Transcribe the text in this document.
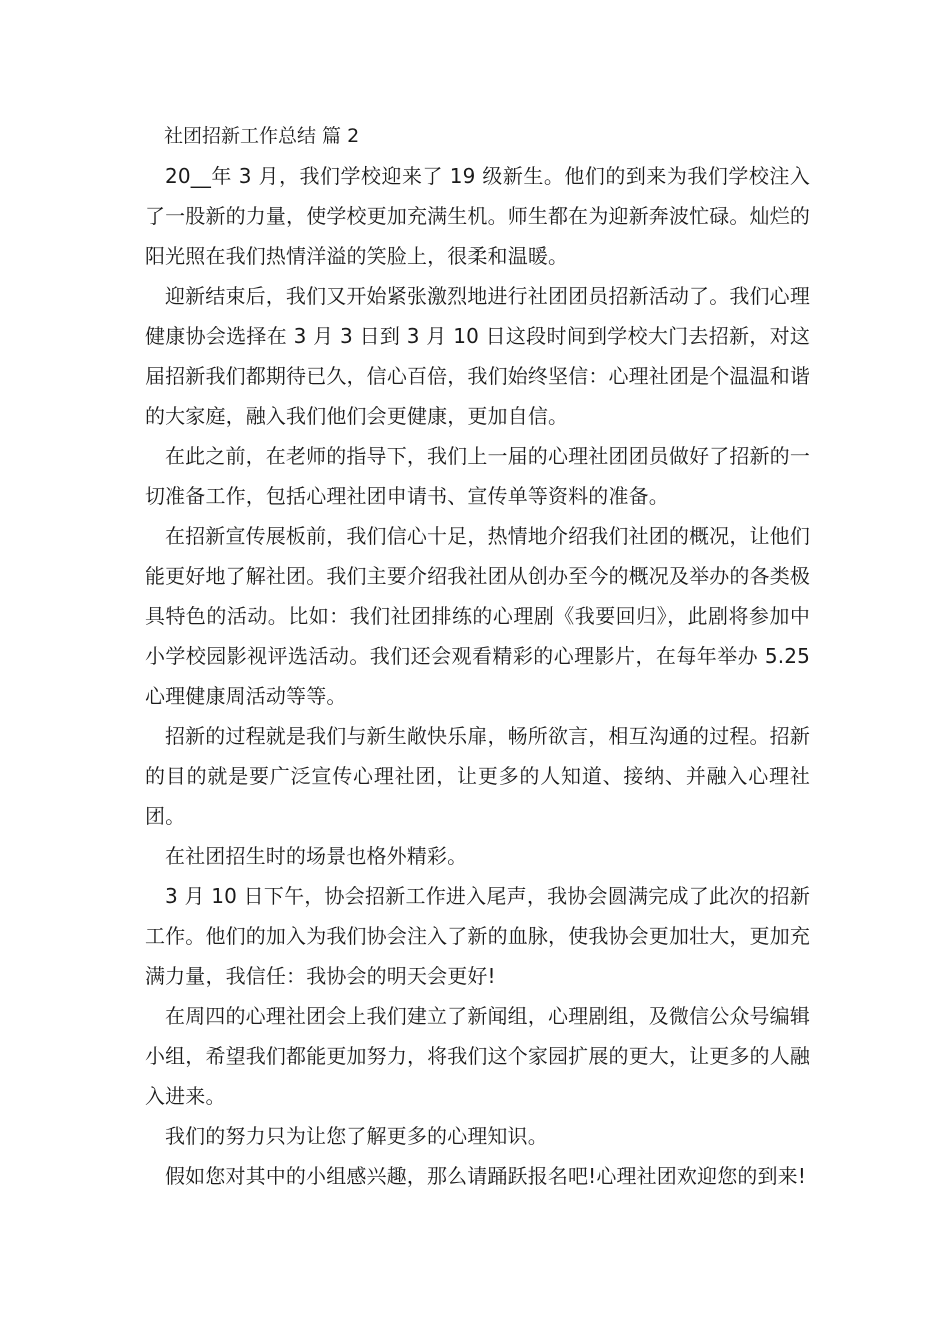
社团招新工作总结 篇 2

20__年 3 月，我们学校迎来了 19 级新生。他们的到来为我们学校注入了一股新的力量，使学校更加充满生机。师生都在为迎新奔波忙碌。灿烂的阳光照在我们热情洋溢的笑脸上，很柔和温暖。

迎新结束后，我们又开始紧张激烈地进行社团团员招新活动了。我们心理健康协会选择在 3 月 3 日到 3 月 10 日这段时间到学校大门去招新，对这届招新我们都期待已久，信心百倍，我们始终坚信：心理社团是个温温和谐的大家庭，融入我们他们会更健康，更加自信。

在此之前，在老师的指导下，我们上一届的心理社团团员做好了招新的一切准备工作，包括心理社团申请书、宣传单等资料的准备。

在招新宣传展板前，我们信心十足，热情地介绍我们社团的概况，让他们能更好地了解社团。我们主要介绍我社团从创办至今的概况及举办的各类极具特色的活动。比如：我们社团排练的心理剧《我要回归》，此剧将参加中小学校园影视评选活动。我们还会观看精彩的心理影片，在每年举办 5.25 心理健康周活动等等。

招新的过程就是我们与新生敞快乐扉，畅所欲言，相互沟通的过程。招新的目的就是要广泛宣传心理社团，让更多的人知道、接纳、并融入心理社团。

在社团招生时的场景也格外精彩。

3 月 10 日下午，协会招新工作进入尾声，我协会圆满完成了此次的招新工作。他们的加入为我们协会注入了新的血脉，使我协会更加壮大，更加充满力量，我信任：我协会的明天会更好!

在周四的心理社团会上我们建立了新闻组，心理剧组，及微信公众号编辑小组，希望我们都能更加努力，将我们这个家园扩展的更大，让更多的人融入进来。

我们的努力只为让您了解更多的心理知识。

假如您对其中的小组感兴趣，那么请踊跃报名吧!心理社团欢迎您的到来!
